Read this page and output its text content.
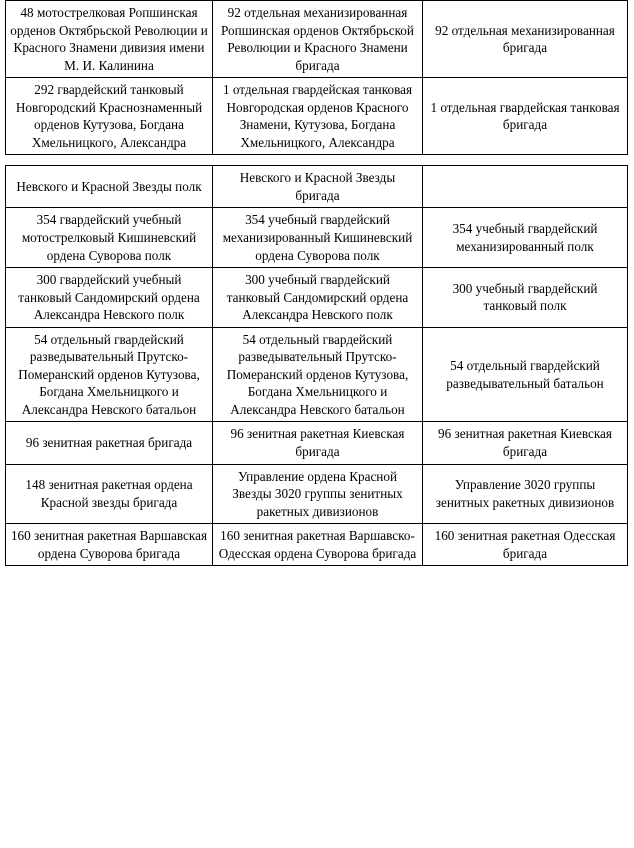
48 мотострелковая Ропшинская орденов Октябрьской Революции и Красного Знамени дивизия имени М. И. Калинина	92 отдельная механизированная Ропшинская орденов Октябрьской Революции и Красного Знамени бригада	92 отдельная механизированная бригада
292 гвардейский танковый Новгородский Краснознаменный орденов Кутузова, Богдана Хмельницкого, Александра	1 отдельная гвардейская танковая Новгородская орденов Красного Знамени, Кутузова, Богдана Хмельницкого, Александра	1 отдельная гвардейская танковая бригада
Невского и Красной Звезды полк	Невского и Красной Звезды бригада	
354 гвардейский учебный мотострелковый Кишиневский ордена Суворова полк	354 учебный гвардейский механизированный Кишиневский ордена Суворова полк	354 учебный гвардейский механизированный полк
300 гвардейский учебный танковый Сандомирский ордена Александра Невского полк	300 учебный гвардейский танковый Сандомирский ордена Александра Невского полк	300 учебный гвардейский танковый полк
54 отдельный гвардейский разведывательный Прутско-Померанский орденов Кутузова, Богдана Хмельницкого и Александра Невского батальон	54 отдельный гвардейский разведывательный Прутско-Померанский орденов Кутузова, Богдана Хмельницкого и Александра Невского батальон	54 отдельный гвардейский разведывательный батальон
96 зенитная ракетная бригада	96 зенитная ракетная Киевская бригада	96 зенитная ракетная Киевская бригада
148 зенитная ракетная ордена Красной звезды бригада	Управление ордена Красной Звезды 3020 группы зенитных ракетных дивизионов	Управление 3020 группы зенитных ракетных дивизионов
160 зенитная ракетная Варшавская ордена Суворова бригада	160 зенитная ракетная Варшавско-Одесская ордена Суворова бригада	160 зенитная ракетная Одесская бригада
